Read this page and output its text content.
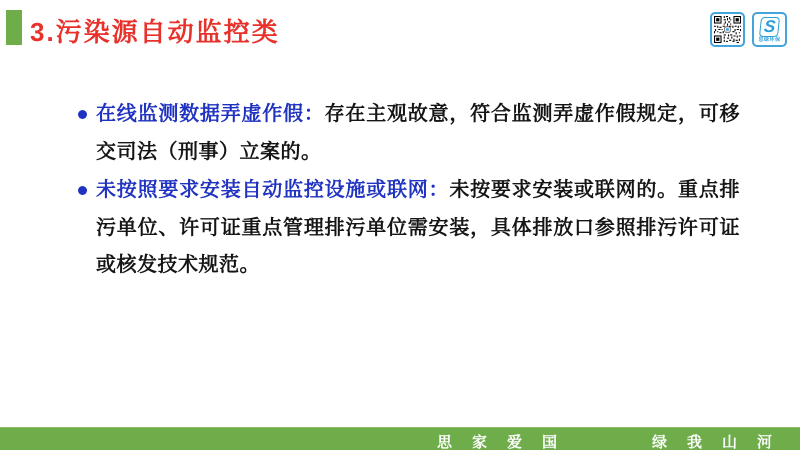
3.污染源自动监控类	S
思绿环保
在线监测数据弄虚作假：存在主观故意，符合监测弄虚作假规定，可移交司法（刑事）立案的。
未按照要求安装自动监控设施或联网：未按要求安装或联网的。重点排污单位、许可证重点管理排污单位需安装，具体排放口参照排污许可证或核发技术规范。
思家爱国	绿我山河
